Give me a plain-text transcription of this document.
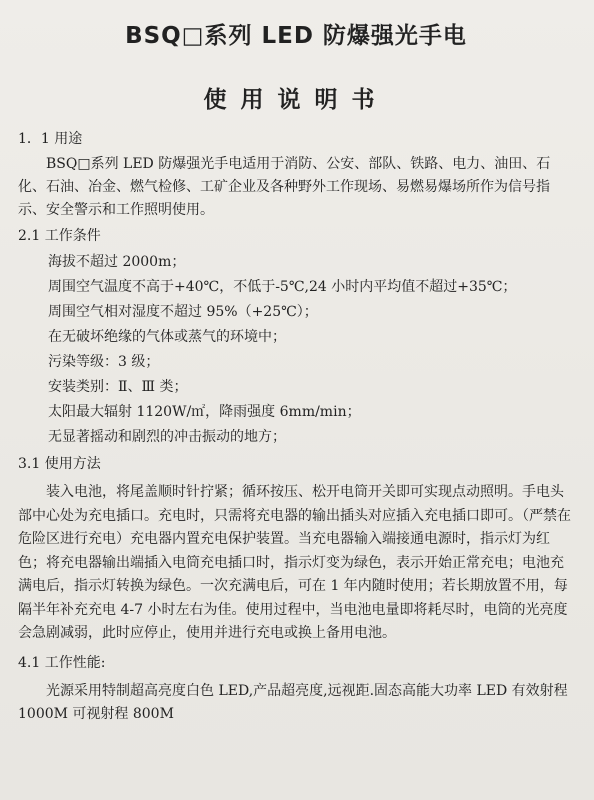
BSQ□系列 LED 防爆强光手电
使用说明书

1．1 用途

BSQ□系列 LED 防爆强光手电适用于消防、公安、部队、铁路、电力、油田、石化、石油、冶金、燃气检修、工矿企业及各种野外工作现场、易燃易爆场所作为信号指示、安全警示和工作照明使用。

2.1 工作条件

海拔不超过 2000m；

周围空气温度不高于+40℃，不低于-5℃,24 小时内平均值不超过+35℃；

周围空气相对湿度不超过 95%（+25℃）；

在无破坏绝缘的气体或蒸气的环境中；

污染等级：3 级；

安装类别：Ⅱ、Ⅲ 类；

太阳最大辐射 1120W/㎡，降雨强度 6mm/min；

无显著摇动和剧烈的冲击振动的地方；

3.1 使用方法

装入电池，将尾盖顺时针拧紧；循环按压、松开电筒开关即可实现点动照明。手电头部中心处为充电插口。充电时，只需将充电器的输出插头对应插入充电插口即可。（严禁在危险区进行充电）充电器内置充电保护装置。当充电器输入端接通电源时，指示灯为红色；将充电器输出端插入电筒充电插口时，指示灯变为绿色，表示开始正常充电；电池充满电后，指示灯转换为绿色。一次充满电后，可在 1 年内随时使用；若长期放置不用，每隔半年补充充电 4-7 小时左右为佳。使用过程中，当电池电量即将耗尽时，电筒的光亮度会急剧减弱，此时应停止，使用并进行充电或换上备用电池。

4.1 工作性能:

光源采用特制超高亮度白色 LED,产品超亮度,远视距.固态高能大功率 LED 有效射程 1000M 可视射程 800M
